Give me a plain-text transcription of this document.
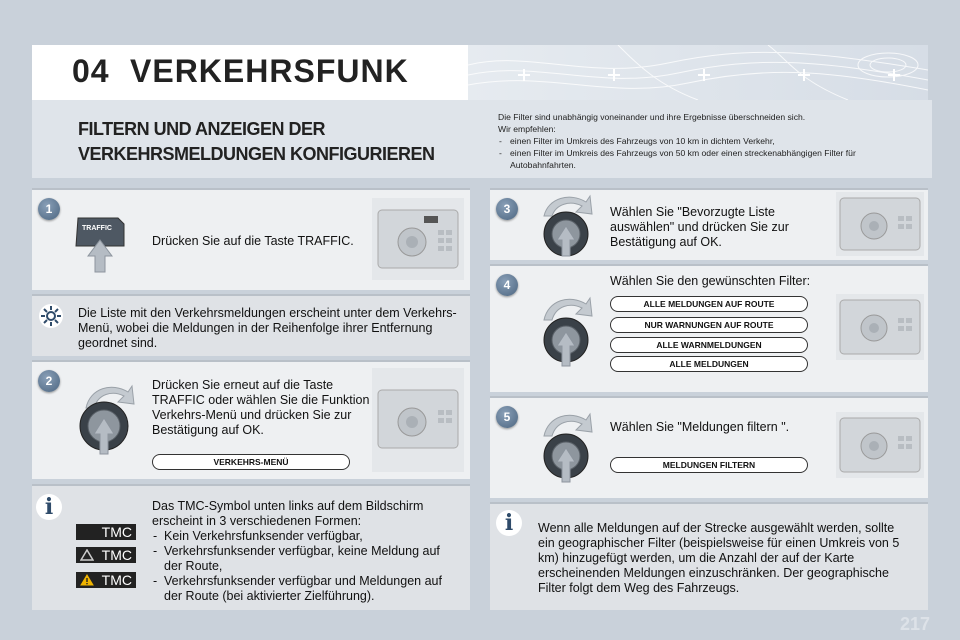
04 VERKEHRSFUNK
FILTERN UND ANZEIGEN DER
VERKEHRSMELDUNGEN KONFIGURIEREN
Die Filter sind unabhängig voneinander und ihre Ergebnisse überschneiden sich.
Wir empfehlen:
- einen Filter im Umkreis des Fahrzeugs von 10 km in dichtem Verkehr,
- einen Filter im Umkreis des Fahrzeugs von 50 km oder einen streckenabhängigen Filter für Autobahnfahrten.
1
TRAFFIC
Drücken Sie auf die Taste TRAFFIC.
Die Liste mit den Verkehrsmeldungen erscheint unter dem Verkehrs-Menü, wobei die Meldungen in der Reihenfolge ihrer Entfernung geordnet sind.
2	Drücken Sie erneut auf die Taste TRAFFIC oder wählen Sie die Funktion Verkehrs-Menü und drücken Sie zur Bestätigung auf OK.
VERKEHRS-MENÜ
i
TMC
TMC
TMC
Das TMC-Symbol unten links auf dem Bildschirm erscheint in 3 verschiedenen Formen:
- Kein Verkehrsfunksender verfügbar,
- Verkehrsfunksender verfügbar, keine Meldung auf der Route,
- Verkehrsfunksender verfügbar und Meldungen auf der Route (bei aktivierter Zielführung).
3	Wählen Sie "Bevorzugte Liste auswählen" und drücken Sie zur Bestätigung auf OK.
4	Wählen Sie den gewünschten Filter:
ALLE MELDUNGEN AUF ROUTE
NUR WARNUNGEN AUF ROUTE
ALLE WARNMELDUNGEN
ALLE MELDUNGEN
5
Wählen Sie "Meldungen filtern ".
MELDUNGEN FILTERN
i	Wenn alle Meldungen auf der Strecke ausgewählt werden, sollte ein geographischer Filter (beispielsweise für einen Umkreis von 5 km) hinzugefügt werden, um die Anzahl der auf der Karte erscheinenden Meldungen einzuschränken. Der geographische Filter folgt dem Weg des Fahrzeugs.
217
